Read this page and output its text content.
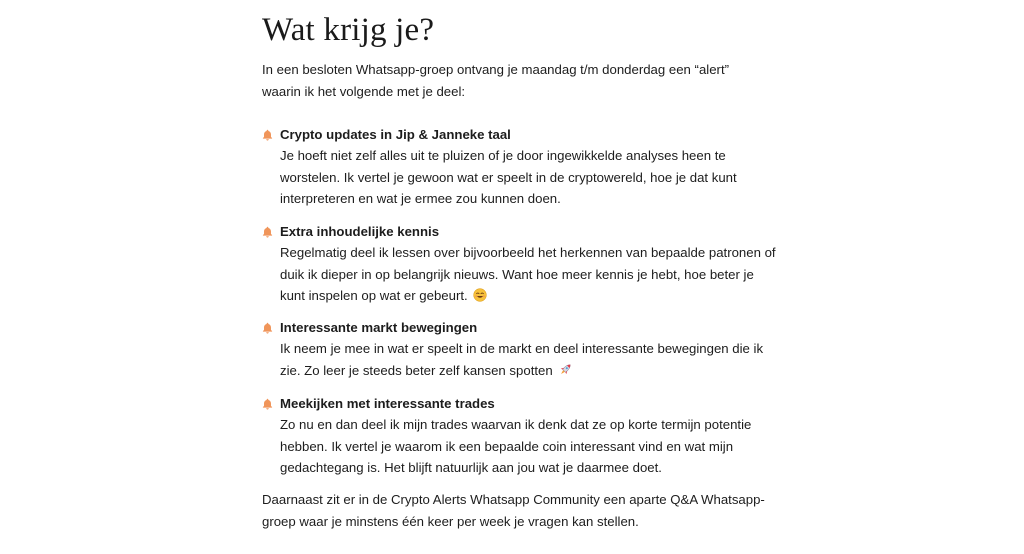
Wat krijg je?

In een besloten Whatsapp-groep ontvang je maandag t/m donderdag een “alert”
waarin ik het volgende met je deel:

Crypto updates in Jip & Janneke taal

Je hoeft niet zelf alles uit te pluizen of je door ingewikkelde analyses heen te
worstelen. Ik vertel je gewoon wat er speelt in de cryptowereld, hoe je dat kunt
interpreteren en wat je ermee zou kunnen doen.

Extra inhoudelijke kennis

Regelmatig deel ik lessen over bijvoorbeeld het herkennen van bepaalde patronen of
duik ik dieper in op belangrijk nieuws. Want hoe meer kennis je hebt, hoe beter je
kunt inspelen op wat er gebeurt.

Interessante markt bewegingen

Ik neem je mee in wat er speelt in de markt en deel interessante bewegingen die ik
zie. Zo leer je steeds beter zelf kansen spotten

Meekijken met interessante trades

Zo nu en dan deel ik mijn trades waarvan ik denk dat ze op korte termijn potentie
hebben. Ik vertel je waarom ik een bepaalde coin interessant vind en wat mijn
gedachtegang is. Het blijft natuurlijk aan jou wat je daarmee doet.

Daarnaast zit er in de Crypto Alerts Whatsapp Community een aparte Q&A Whatsapp-
groep waar je minstens één keer per week je vragen kan stellen.
